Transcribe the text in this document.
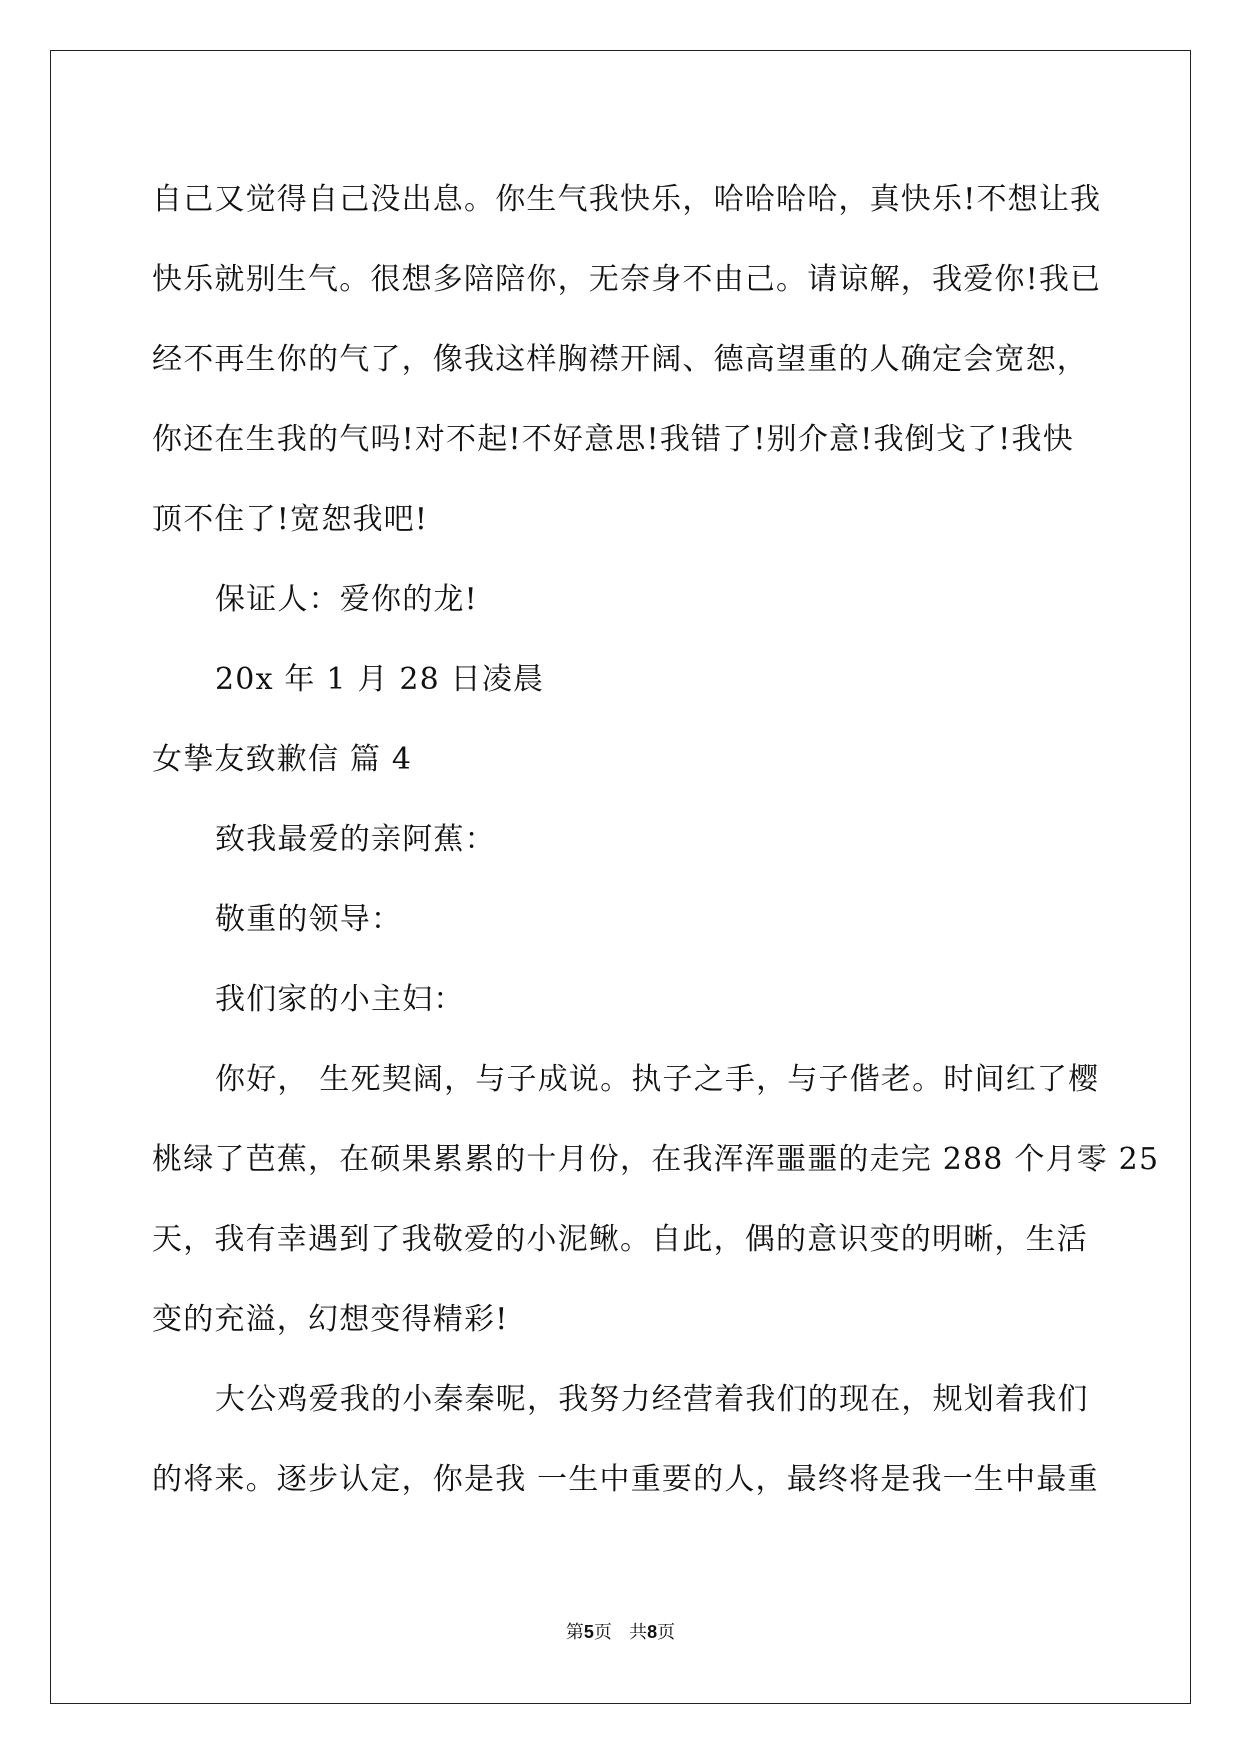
自己又觉得自己没出息。你生气我快乐，哈哈哈哈，真快乐!不想让我
快乐就别生气。很想多陪陪你，无奈身不由己。请谅解，我爱你!我已
经不再生你的气了，像我这样胸襟开阔、德高望重的人确定会宽恕，
你还在生我的气吗!对不起!不好意思!我错了!别介意!我倒戈了!我快
顶不住了!宽恕我吧!
保证人：爱你的龙!
20x 年 1 月 28 日凌晨
女挚友致歉信 篇 4
致我最爱的亲阿蕉：
敬重的领导：
我们家的小主妇：
你好， 生死契阔，与子成说。执子之手，与子偕老。时间红了樱
桃绿了芭蕉，在硕果累累的十月份，在我浑浑噩噩的走完 288 个月零 25
天，我有幸遇到了我敬爱的小泥鳅。自此，偶的意识变的明晰，生活
变的充溢，幻想变得精彩!
大公鸡爱我的小秦秦呢，我努力经营着我们的现在，规划着我们
的将来。逐步认定，你是我 一生中重要的人，最终将是我一生中最重
第5页 共8页
